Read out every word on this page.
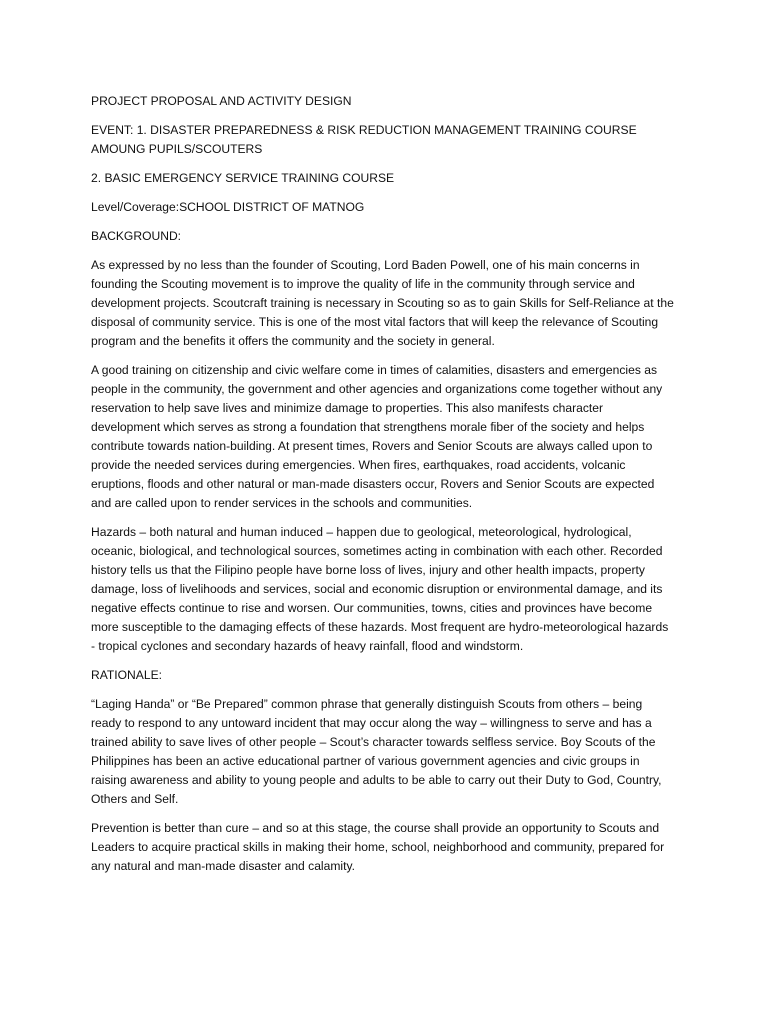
PROJECT PROPOSAL AND ACTIVITY DESIGN

EVENT: 1. DISASTER PREPAREDNESS & RISK REDUCTION MANAGEMENT TRAINING COURSE AMOUNG PUPILS/SCOUTERS

2. BASIC EMERGENCY SERVICE TRAINING COURSE

Level/Coverage:SCHOOL DISTRICT OF MATNOG

BACKGROUND:

As expressed by no less than the founder of Scouting, Lord Baden Powell, one of his main concerns in founding the Scouting movement is to improve the quality of life in the community through service and development projects. Scoutcraft training is necessary in Scouting so as to gain Skills for Self-Reliance at the disposal of community service. This is one of the most vital factors that will keep the relevance of Scouting program and the benefits it offers the community and the society in general.

A good training on citizenship and civic welfare come in times of calamities, disasters and emergencies as people in the community, the government and other agencies and organizations come together without any reservation to help save lives and minimize damage to properties. This also manifests character development which serves as strong a foundation that strengthens morale fiber of the society and helps contribute towards nation-building. At present times, Rovers and Senior Scouts are always called upon to provide the needed services during emergencies. When fires, earthquakes, road accidents, volcanic eruptions, floods and other natural or man-made disasters occur, Rovers and Senior Scouts are expected and are called upon to render services in the schools and communities.

Hazards – both natural and human induced – happen due to geological, meteorological, hydrological, oceanic, biological, and technological sources, sometimes acting in combination with each other. Recorded history tells us that the Filipino people have borne loss of lives, injury and other health impacts, property damage, loss of livelihoods and services, social and economic disruption or environmental damage, and its negative effects continue to rise and worsen. Our communities, towns, cities and provinces have become more susceptible to the damaging effects of these hazards. Most frequent are hydro-meteorological hazards - tropical cyclones and secondary hazards of heavy rainfall, flood and windstorm.

RATIONALE:

“Laging Handa” or “Be Prepared” common phrase that generally distinguish Scouts from others – being ready to respond to any untoward incident that may occur along the way – willingness to serve and has a trained ability to save lives of other people – Scout’s character towards selfless service. Boy Scouts of the Philippines has been an active educational partner of various government agencies and civic groups in raising awareness and ability to young people and adults to be able to carry out their Duty to God, Country, Others and Self.

Prevention is better than cure – and so at this stage, the course shall provide an opportunity to Scouts and Leaders to acquire practical skills in making their home, school, neighborhood and community, prepared for any natural and man-made disaster and calamity.
